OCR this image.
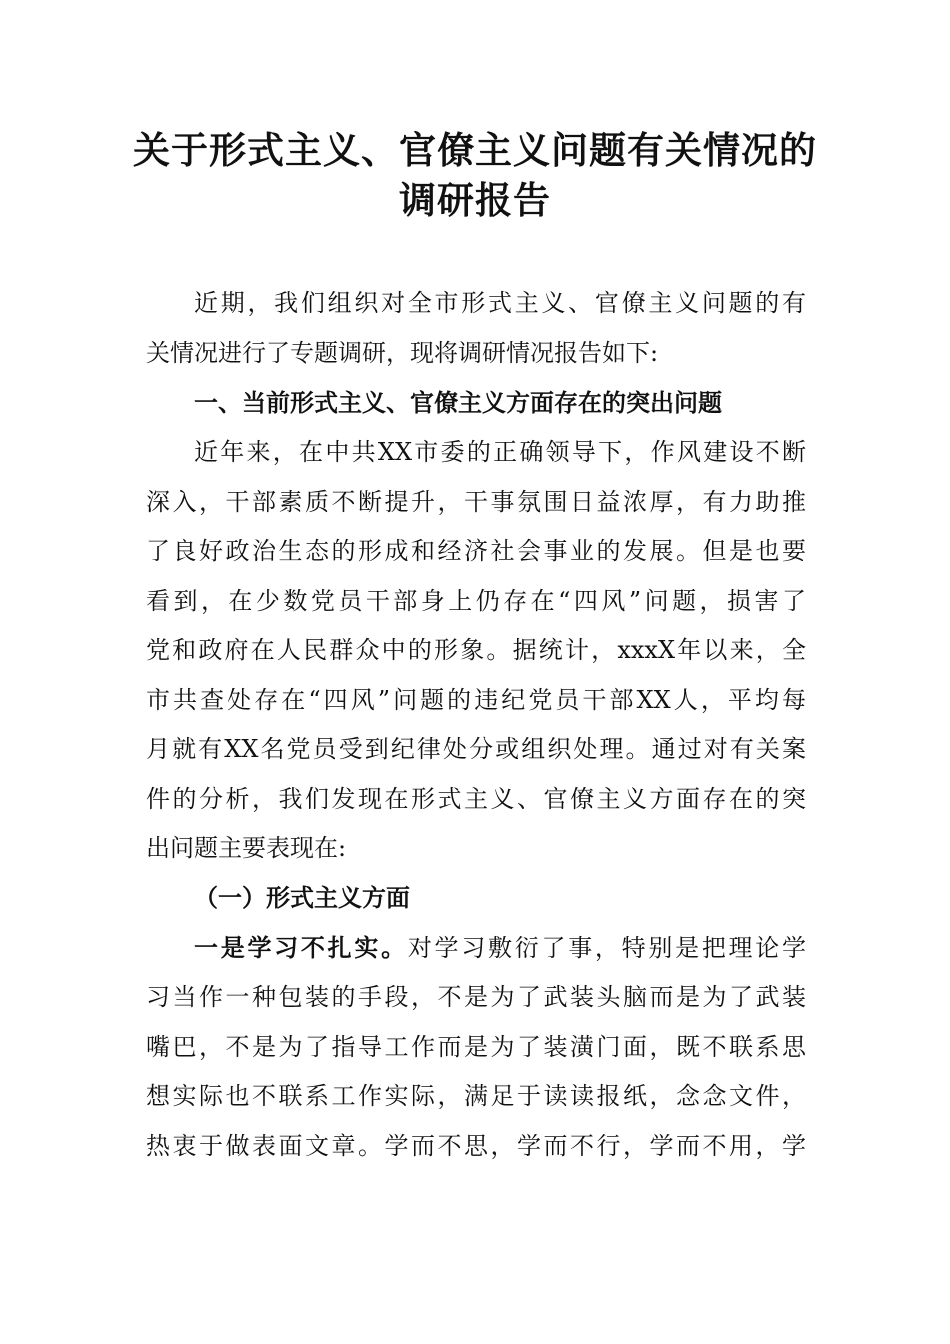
关于形式主义、官僚主义问题有关情况的
调研报告
近期，我们组织对全市形式主义、官僚主义问题的有
关情况进行了专题调研，现将调研情况报告如下:
一、当前形式主义、官僚主义方面存在的突出问题
近年来，在中共XX市委的正确领导下，作风建设不断
深入，干部素质不断提升，干事氛围日益浓厚，有力助推
了良好政治生态的形成和经济社会事业的发展。但是也要
看到，在少数党员干部身上仍存在“四风”问题，损害了
党和政府在人民群众中的形象。据统计，xxxX年以来，全
市共查处存在“四风”问题的违纪党员干部XX人，平均每
月就有XX名党员受到纪律处分或组织处理。通过对有关案
件的分析，我们发现在形式主义、官僚主义方面存在的突
出问题主要表现在:
（一）形式主义方面
一是学习不扎实。对学习敷衍了事，特别是把理论学
习当作一种包装的手段，不是为了武装头脑而是为了武装
嘴巴，不是为了指导工作而是为了装潢门面，既不联系思
想实际也不联系工作实际，满足于读读报纸，念念文件，
热衷于做表面文章。学而不思，学而不行，学而不用，学
